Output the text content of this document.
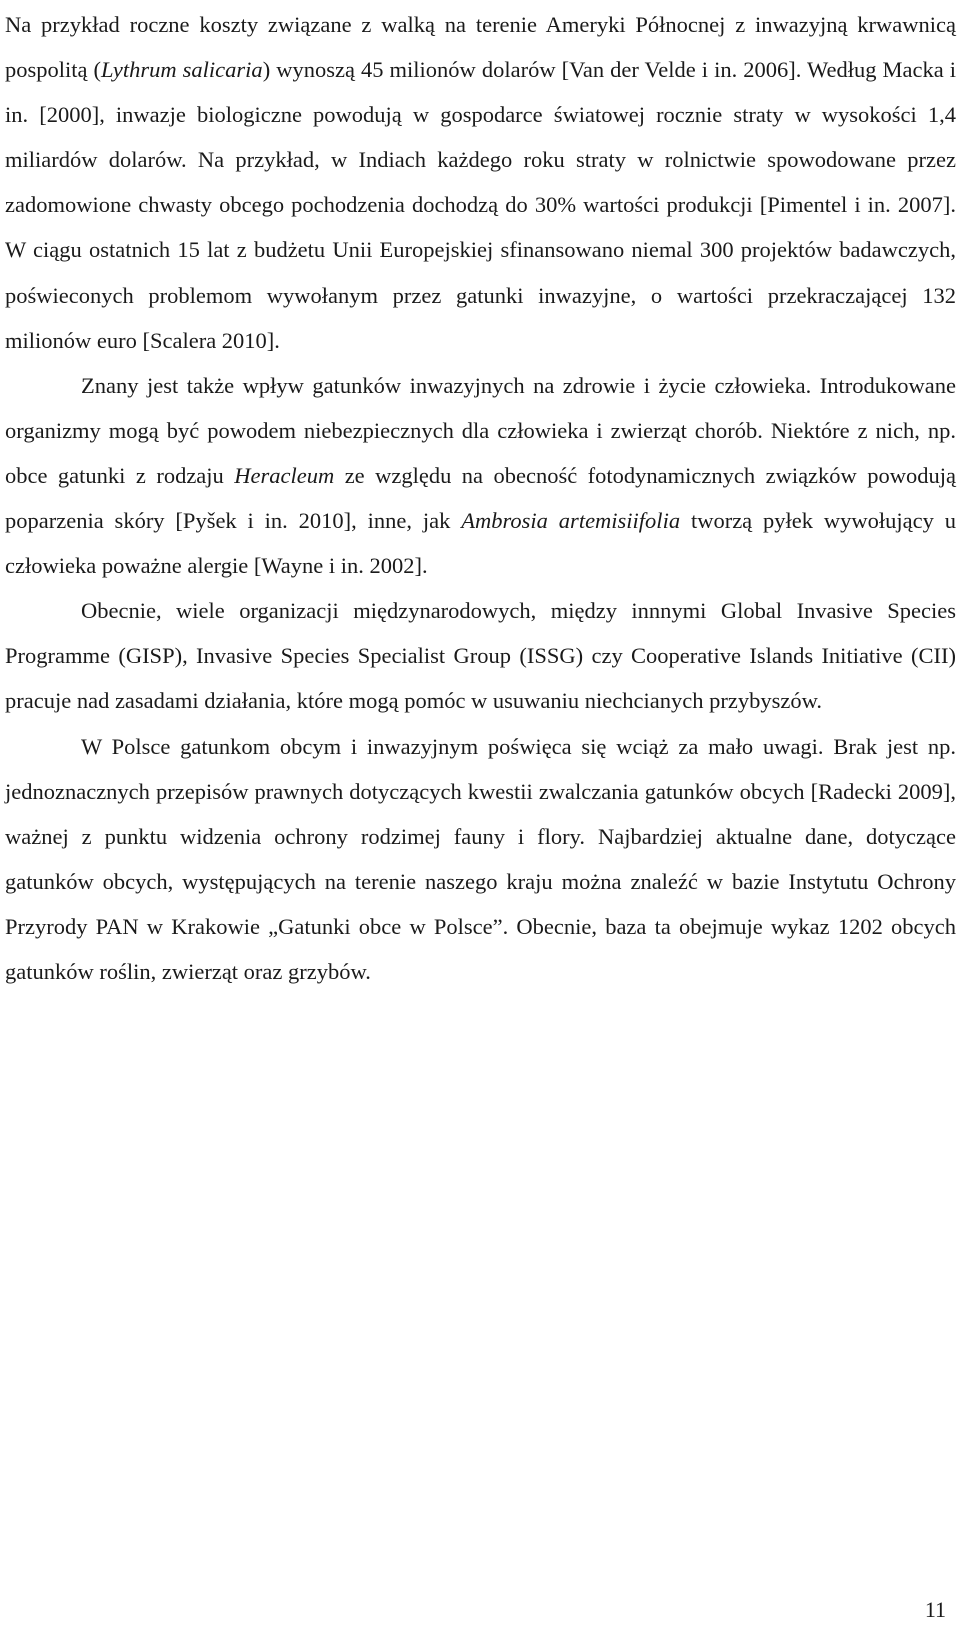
Na przykład roczne koszty związane z walką na terenie Ameryki Północnej z inwazyjną krwawnicą pospolitą (Lythrum salicaria) wynoszą 45 milionów dolarów [Van der Velde i in. 2006]. Według Macka i in. [2000], inwazje biologiczne powodują w gospodarce światowej rocznie straty w wysokości 1,4 miliardów dolarów. Na przykład, w Indiach każdego roku straty w rolnictwie spowodowane przez zadomowione chwasty obcego pochodzenia dochodzą do 30% wartości produkcji [Pimentel i in. 2007]. W ciągu ostatnich 15 lat z budżetu Unii Europejskiej sfinansowano niemal 300 projektów badawczych, poświeconych problemom wywołanym przez gatunki inwazyjne, o wartości przekraczającej 132 milionów euro [Scalera 2010].

Znany jest także wpływ gatunków inwazyjnych na zdrowie i życie człowieka. Introdukowane organizmy mogą być powodem niebezpiecznych dla człowieka i zwierząt chorób. Niektóre z nich, np. obce gatunki z rodzaju Heracleum ze względu na obecność fotodynamicznych związków powodują poparzenia skóry [Pyšek i in. 2010], inne, jak Ambrosia artemisiifolia tworzą pyłek wywołujący u człowieka poważne alergie [Wayne i in. 2002].

Obecnie, wiele organizacji międzynarodowych, między innnymi Global Invasive Species Programme (GISP), Invasive Species Specialist Group (ISSG) czy Cooperative Islands Initiative (CII) pracuje nad zasadami działania, które mogą pomóc w usuwaniu niechcianych przybyszów.

W Polsce gatunkom obcym i inwazyjnym poświęca się wciąż za mało uwagi. Brak jest np. jednoznacznych przepisów prawnych dotyczących kwestii zwalczania gatunków obcych [Radecki 2009], ważnej z punktu widzenia ochrony rodzimej fauny i flory. Najbardziej aktualne dane, dotyczące gatunków obcych, występujących na terenie naszego kraju można znaleźć w bazie Instytutu Ochrony Przyrody PAN w Krakowie „Gatunki obce w Polsce”. Obecnie, baza ta obejmuje wykaz 1202 obcych gatunków roślin, zwierząt oraz grzybów.

11
